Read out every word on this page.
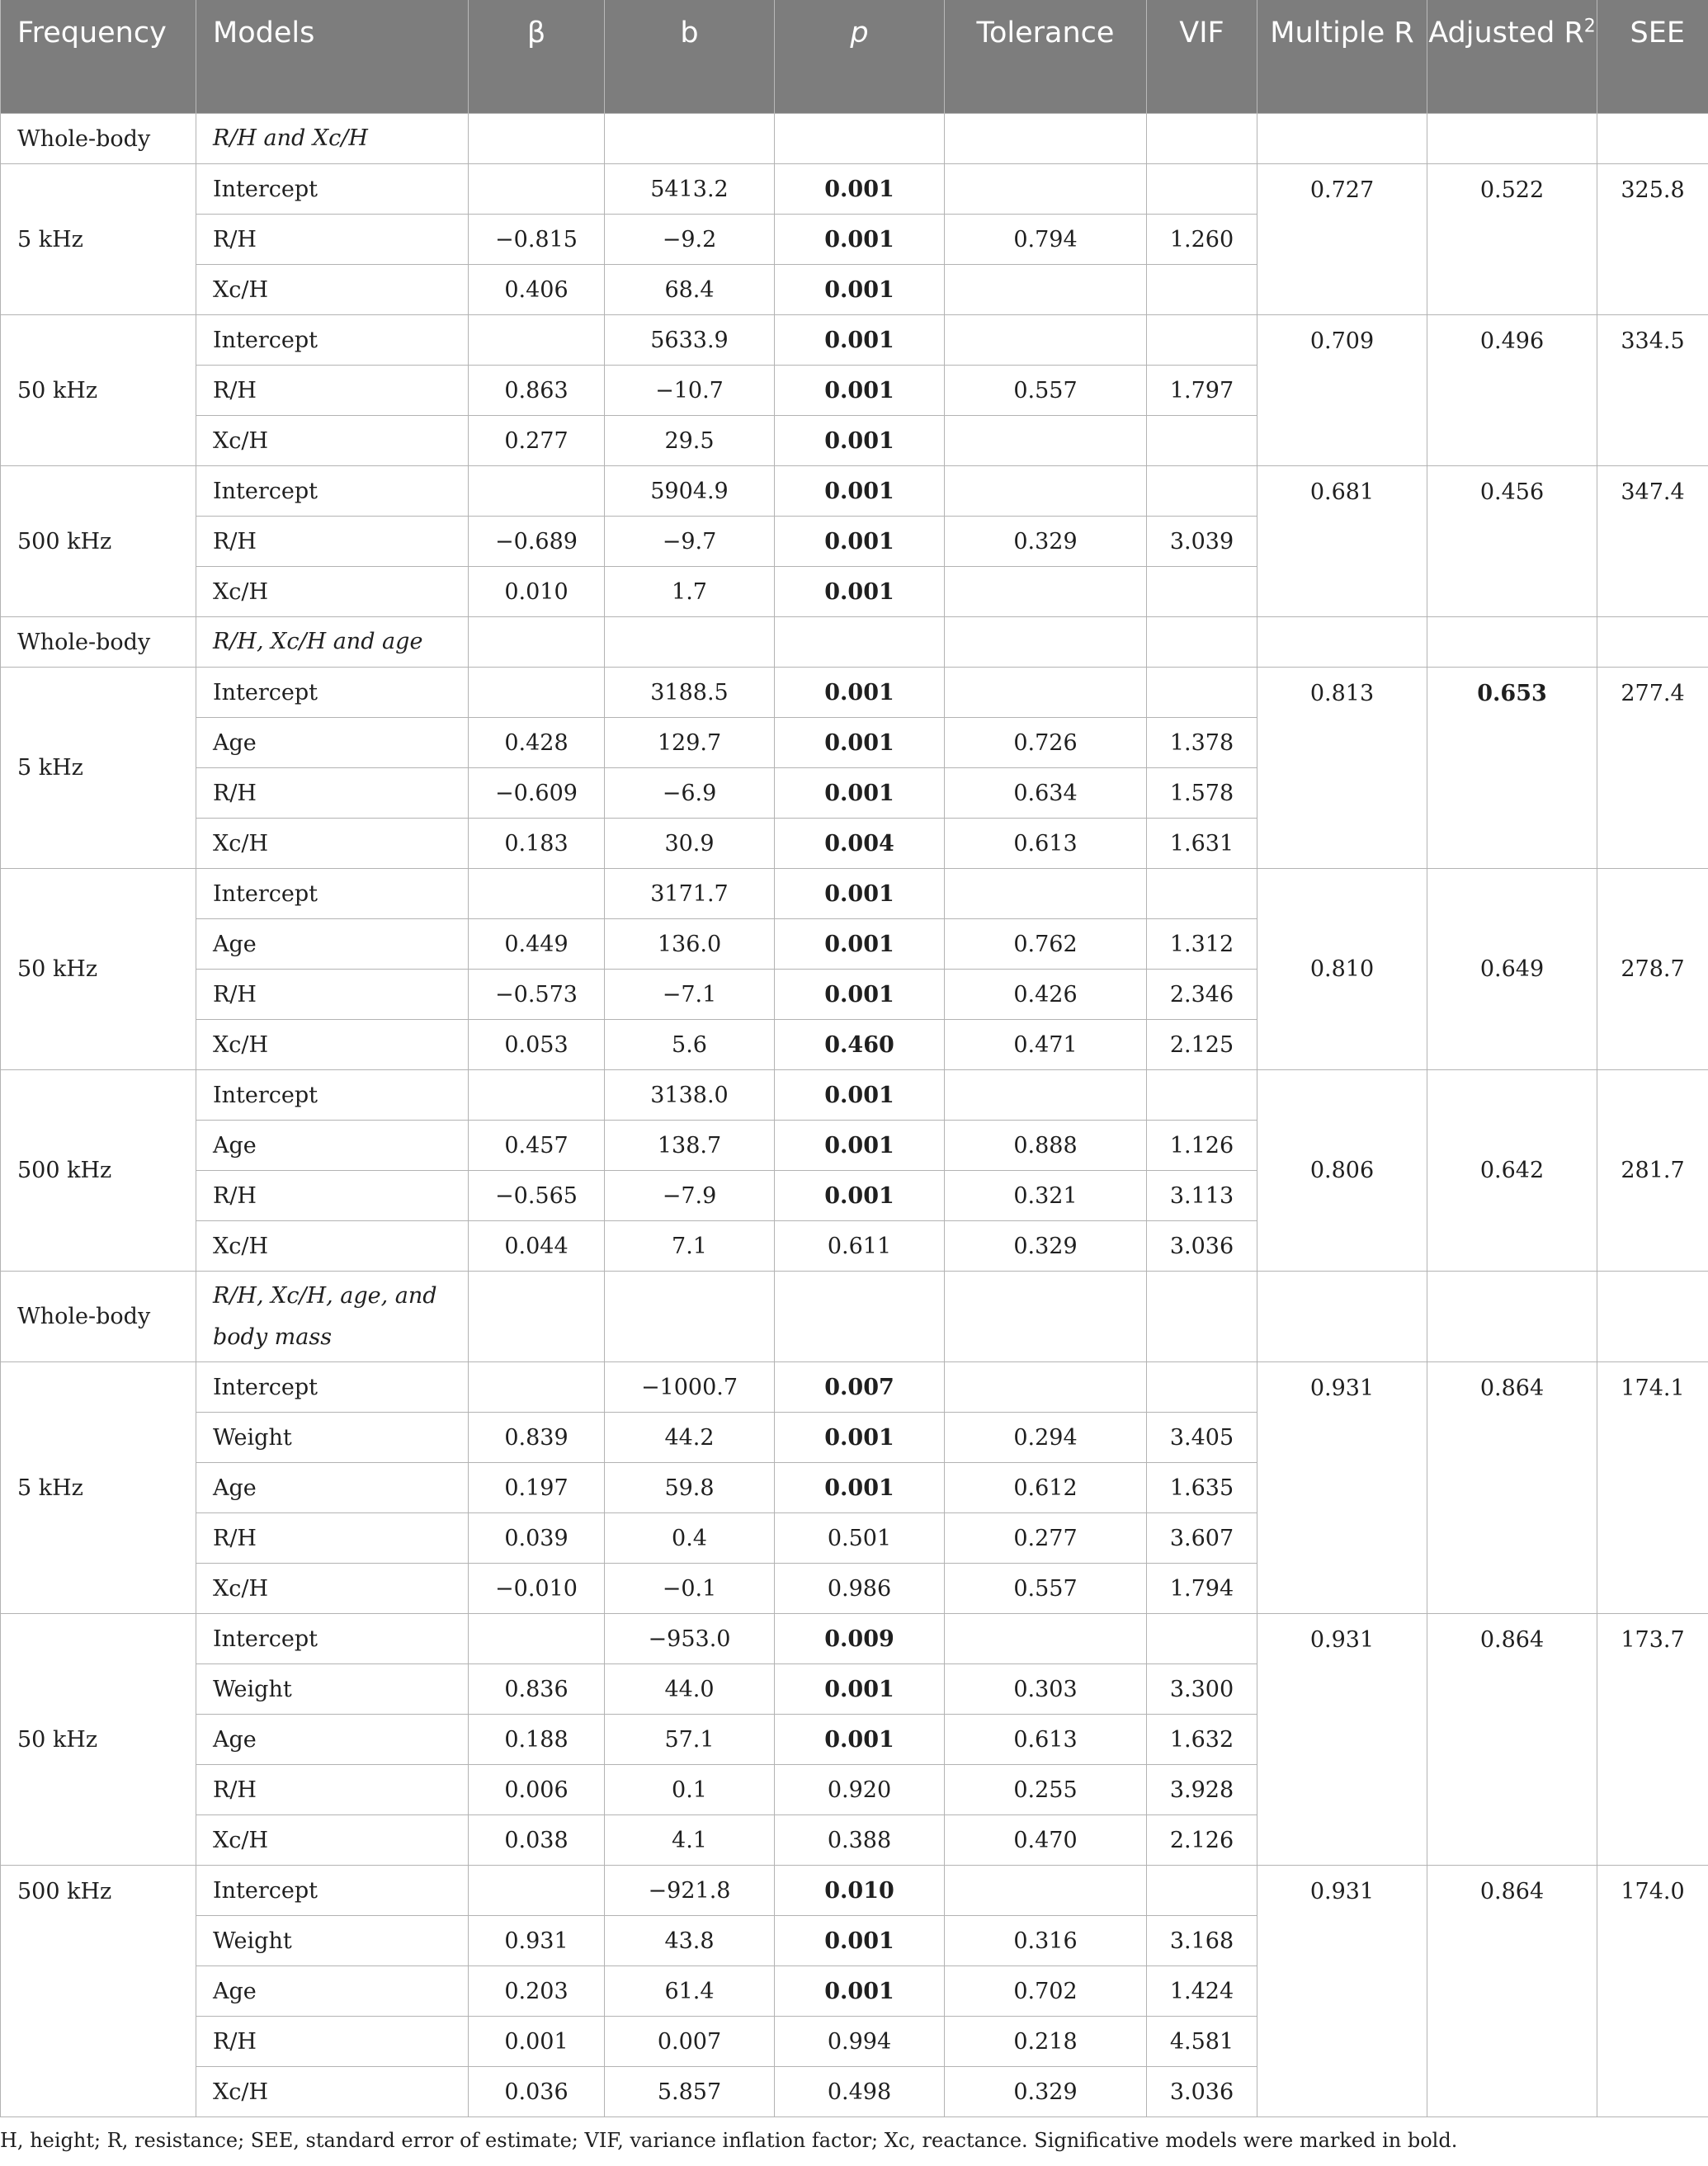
Frequency	Models	β	b	p	Tolerance	VIF	Multiple R	Adjusted $R^2$	SEE
Whole-body	R/H and Xc/H								
5 kHz	Intercept		5413.2	0.001			0.727	0.522	325.8
	R/H	−0.815	−9.2	0.001	0.794	1.260			
	Xc/H	0.406	68.4	0.001					
50 kHz	Intercept		5633.9	0.001			0.709	0.496	334.5
	R/H	0.863	−10.7	0.001	0.557	1.797			
	Xc/H	0.277	29.5	0.001					
500 kHz	Intercept		5904.9	0.001			0.681	0.456	347.4
	R/H	−0.689	−9.7	0.001	0.329	3.039			
	Xc/H	0.010	1.7	0.001					
Whole-body	R/H, Xc/H and age								
5 kHz	Intercept		3188.5	0.001			0.813	0.653	277.4
	Age	0.428	129.7	0.001	0.726	1.378			
	R/H	−0.609	−6.9	0.001	0.634	1.578			
	Xc/H	0.183	30.9	0.004	0.613	1.631			
50 kHz	Intercept		3171.7	0.001			0.810	0.649	278.7
	Age	0.449	136.0	0.001	0.762	1.312			
	R/H	−0.573	−7.1	0.001	0.426	2.346			
	Xc/H	0.053	5.6	0.460	0.471	2.125			
500 kHz	Intercept		3138.0	0.001			0.806	0.642	281.7
	Age	0.457	138.7	0.001	0.888	1.126			
	R/H	−0.565	−7.9	0.001	0.321	3.113			
	Xc/H	0.044	7.1	0.611	0.329	3.036			
Whole-body	R/H, Xc/H, age, and body mass								
5 kHz	Intercept		−1000.7	0.007			0.931	0.864	174.1
	Weight	0.839	44.2	0.001	0.294	3.405			
	Age	0.197	59.8	0.001	0.612	1.635			
	R/H	0.039	0.4	0.501	0.277	3.607			
	Xc/H	−0.010	−0.1	0.986	0.557	1.794			
50 kHz	Intercept		−953.0	0.009			0.931	0.864	173.7
	Weight	0.836	44.0	0.001	0.303	3.300			
	Age	0.188	57.1	0.001	0.613	1.632			
	R/H	0.006	0.1	0.920	0.255	3.928			
	Xc/H	0.038	4.1	0.388	0.470	2.126			
500 kHz	Intercept		−921.8	0.010			0.931	0.864	174.0
	Weight	0.931	43.8	0.001	0.316	3.168			
	Age	0.203	61.4	0.001	0.702	1.424			
	R/H	0.001	0.007	0.994	0.218	4.581			
	Xc/H	0.036	5.857	0.498	0.329	3.036			
H, height; R, resistance; SEE, standard error of estimate; VIF, variance inflation factor; Xc, reactance. Significative models were marked in bold.
